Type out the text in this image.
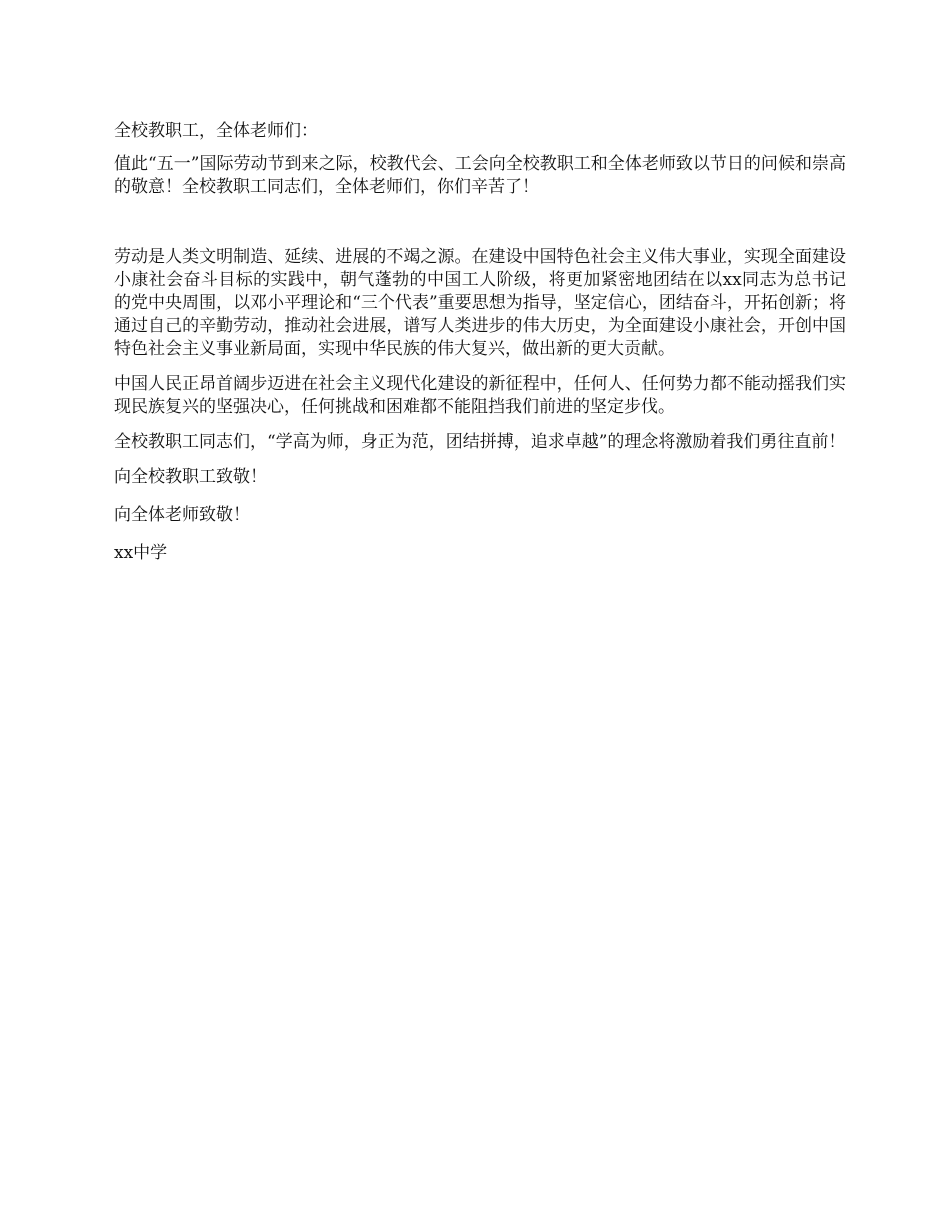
全校教职工，全体老师们：

值此“五一”国际劳动节到来之际，校教代会、工会向全校教职工和全体老师致以节日的问候和崇高的敬意！全校教职工同志们，全体老师们，你们辛苦了！

劳动是人类文明制造、延续、进展的不竭之源。在建设中国特色社会主义伟大事业，实现全面建设小康社会奋斗目标的实践中，朝气蓬勃的中国工人阶级，将更加紧密地团结在以xx同志为总书记的党中央周围，以邓小平理论和“三个代表”重要思想为指导，坚定信心，团结奋斗，开拓创新；将通过自己的辛勤劳动，推动社会进展，谱写人类进步的伟大历史，为全面建设小康社会，开创中国特色社会主义事业新局面，实现中华民族的伟大复兴，做出新的更大贡献。

中国人民正昂首阔步迈进在社会主义现代化建设的新征程中，任何人、任何势力都不能动摇我们实现民族复兴的坚强决心，任何挑战和困难都不能阻挡我们前进的坚定步伐。

全校教职工同志们，“学高为师，身正为范，团结拼搏，追求卓越”的理念将激励着我们勇往直前！

向全校教职工致敬！

向全体老师致敬！

xx中学
